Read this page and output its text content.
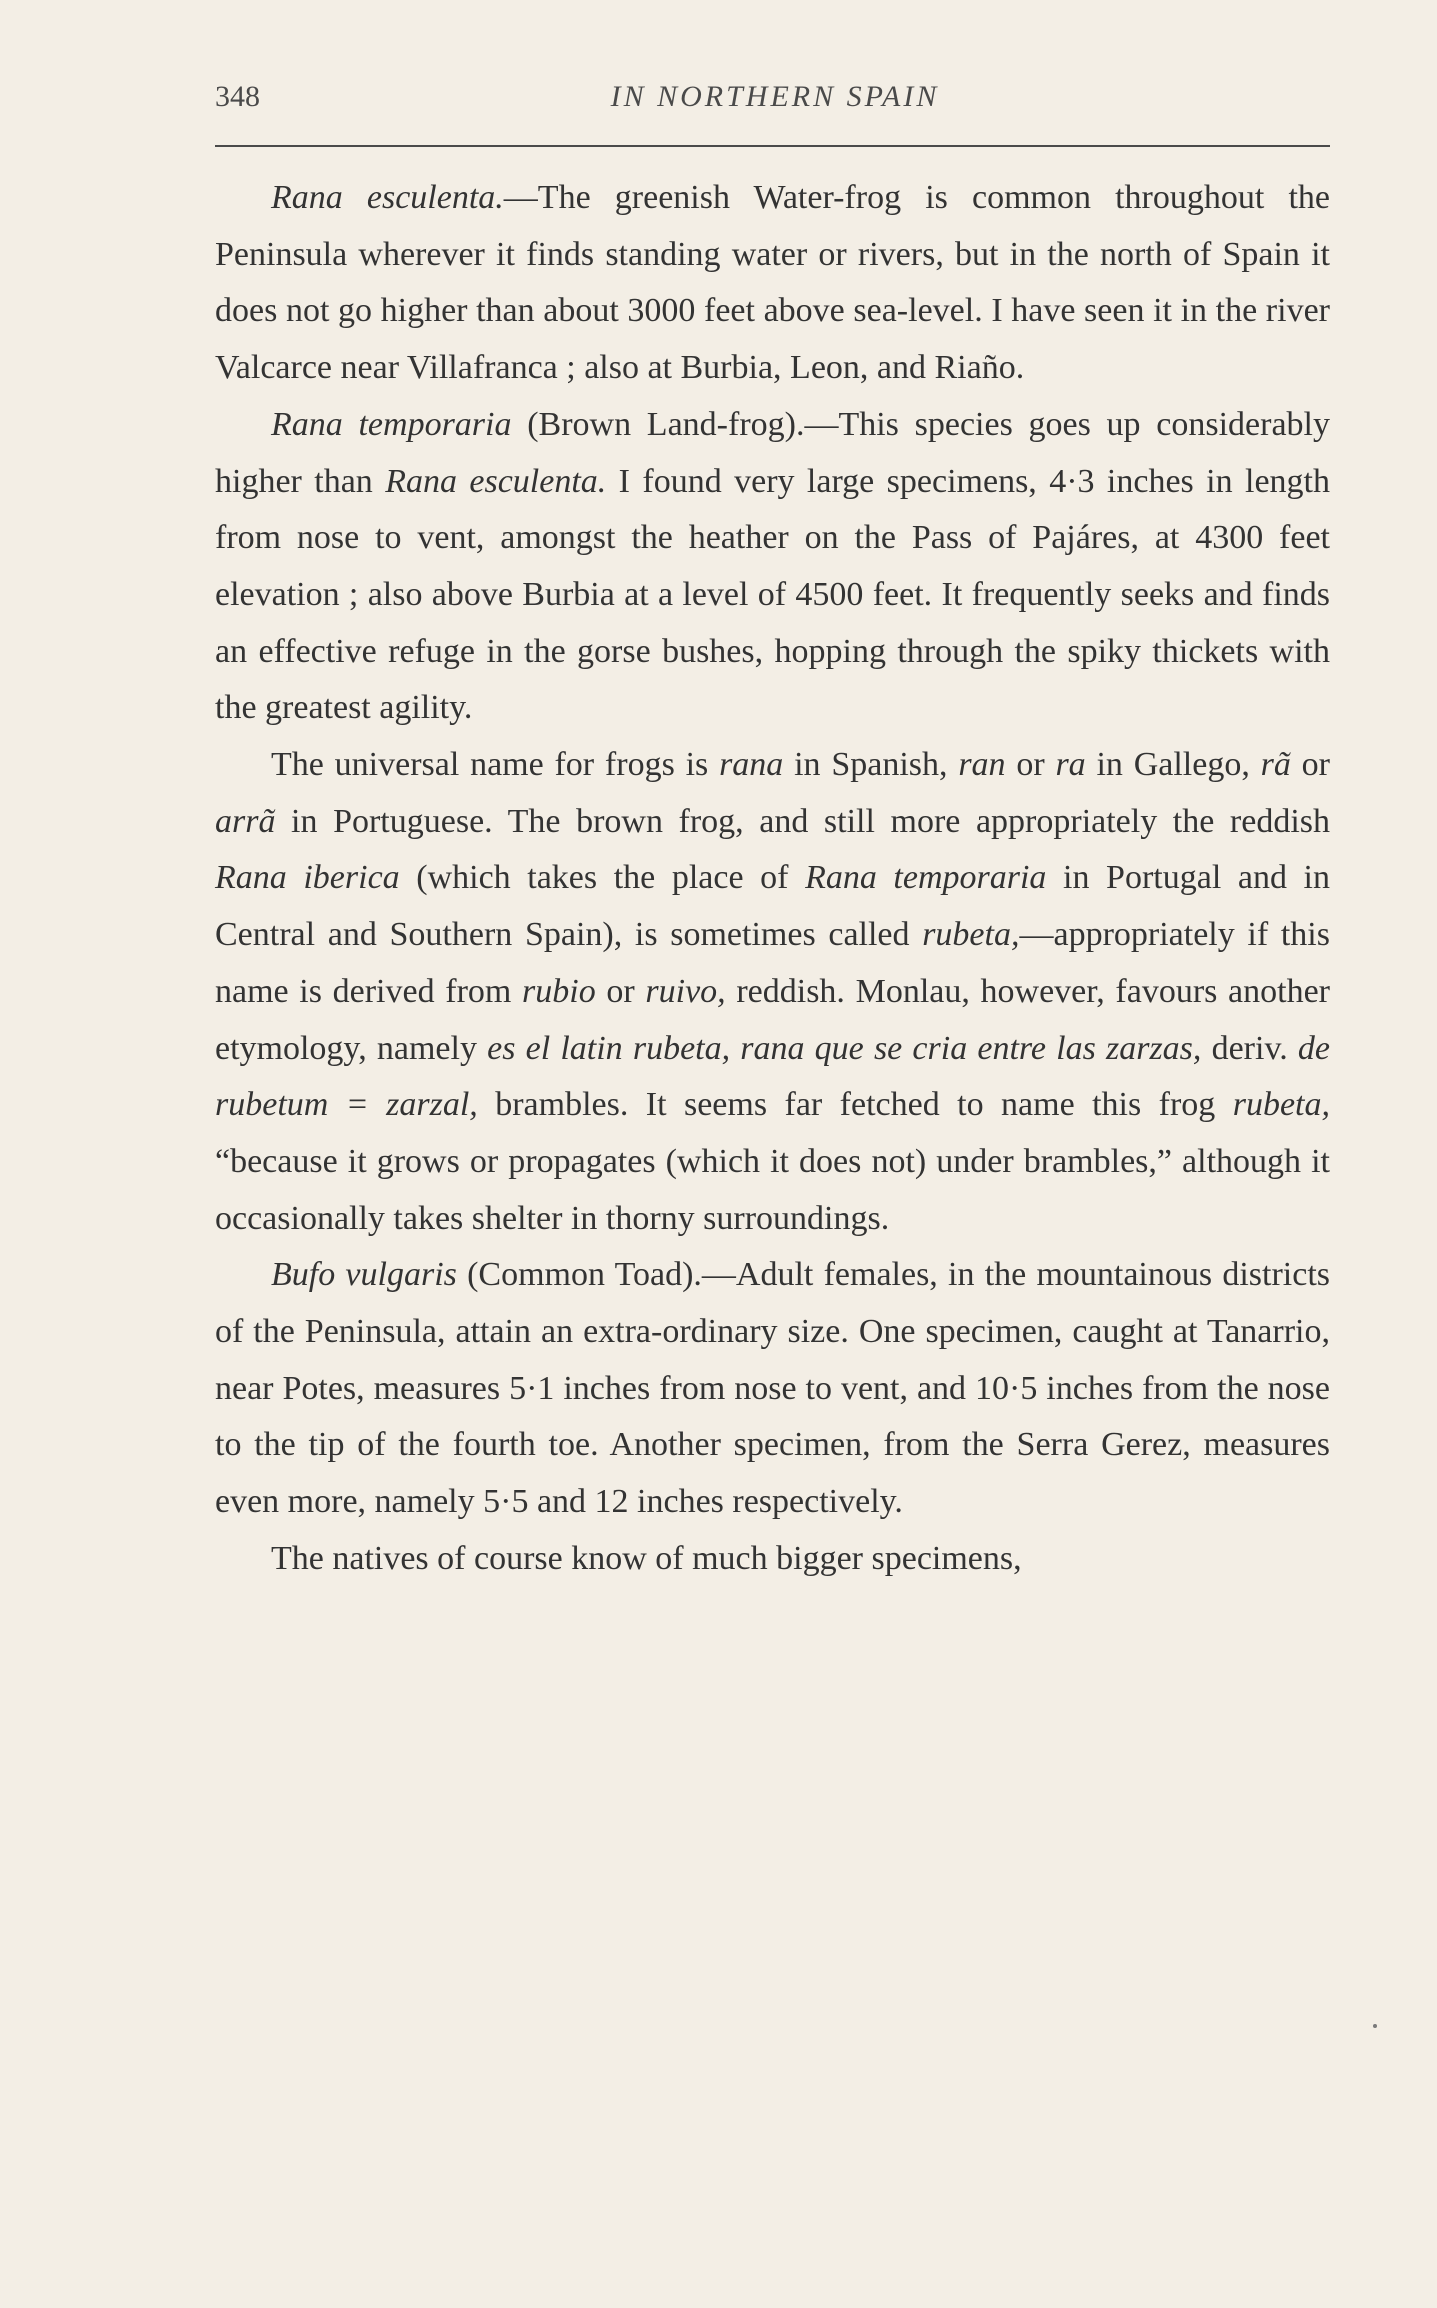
348	IN NORTHERN SPAIN

Rana esculenta.—The greenish Water-frog is common throughout the Peninsula wherever it finds standing water or rivers, but in the north of Spain it does not go higher than about 3000 feet above sea-level. I have seen it in the river Valcarce near Villafranca ; also at Burbia, Leon, and Riaño.

Rana temporaria (Brown Land-frog).—This species goes up considerably higher than Rana esculenta. I found very large specimens, 4·3 inches in length from nose to vent, amongst the heather on the Pass of Pajáres, at 4300 feet elevation ; also above Burbia at a level of 4500 feet. It frequently seeks and finds an effective refuge in the gorse bushes, hopping through the spiky thickets with the greatest agility.

The universal name for frogs is rana in Spanish, ran or ra in Gallego, rã or arrã in Portuguese. The brown frog, and still more appropriately the reddish Rana iberica (which takes the place of Rana temporaria in Portugal and in Central and Southern Spain), is sometimes called rubeta,—appropriately if this name is derived from rubio or ruivo, reddish. Monlau, however, favours another etymology, namely es el latin rubeta, rana que se cria entre las zarzas, deriv. de rubetum = zarzal, brambles. It seems far fetched to name this frog rubeta, “because it grows or propagates (which it does not) under brambles,” although it occasionally takes shelter in thorny surroundings.

Bufo vulgaris (Common Toad).—Adult females, in the mountainous districts of the Peninsula, attain an extra-ordinary size. One specimen, caught at Tanarrio, near Potes, measures 5·1 inches from nose to vent, and 10·5 inches from the nose to the tip of the fourth toe. Another specimen, from the Serra Gerez, measures even more, namely 5·5 and 12 inches respectively.

The natives of course know of much bigger specimens,
